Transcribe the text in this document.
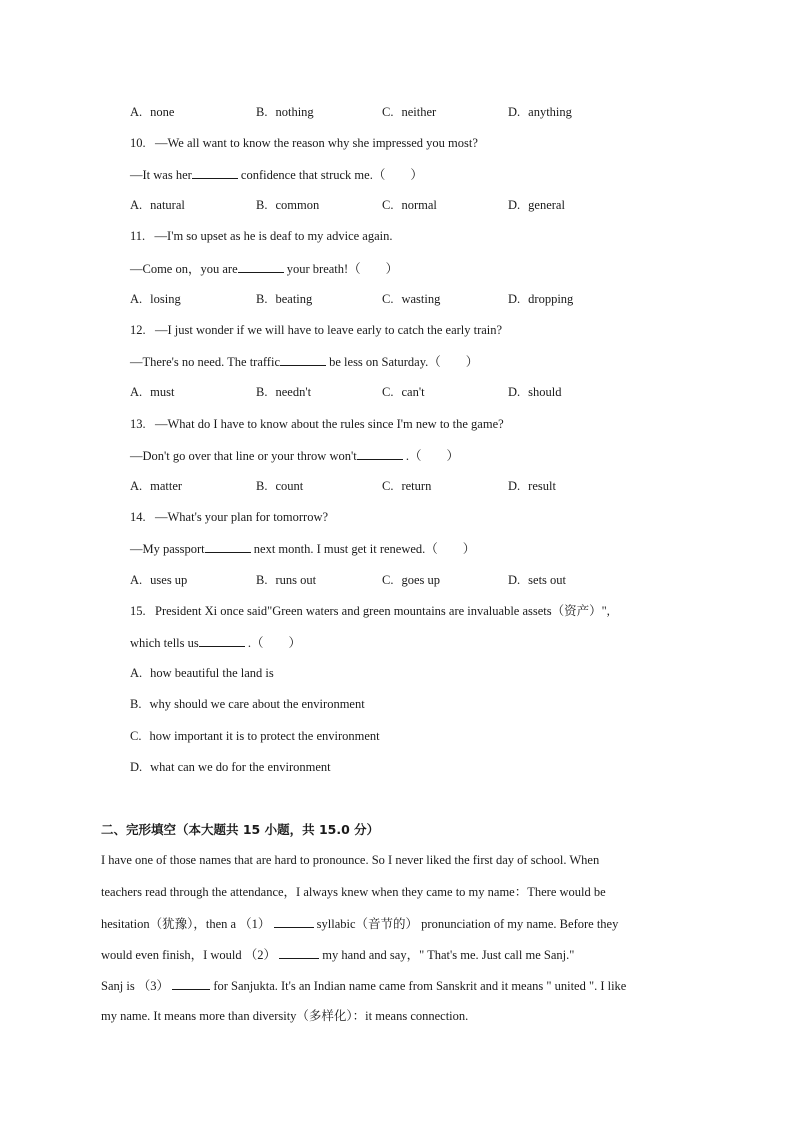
A. none	B. nothing	C. neither	D. anything
10. —We all want to know the reason why she impressed you most?
—It was her	confidence that struck me.（　　）
A. natural	B. common	C. normal	D. general
11. —I'm so upset as he is deaf to my advice again.
—Come on，you are	your breath!（　　）
A. losing	B. beating	C. wasting	D. dropping
12. —I just wonder if we will have to leave early to catch the early train?
—There's no need. The traffic	be less on Saturday.（　　）
A. must	B. needn't	C. can't	D. should
13. —What do I have to know about the rules since I'm new to the game?
—Don't go over that line or your throw won't	.（　　）
A. matter	B. count	C. return	D. result
14. —What's your plan for tomorrow?
—My passport	next month. I must get it renewed.（　　）
A. uses up	B. runs out	C. goes up	D. sets out
15. President Xi once said"Green waters and green mountains are invaluable assets（资产）",
which tells us	.（　　）
A. how beautiful the land is
B. why should we care about the environment
C. how important it is to protect the environment
D. what can we do for the environment
二、完形填空（本大题共 15 小题，共 15.0 分）
I have one of those names that are hard to pronounce. So I never liked the first day of school. When
teachers read through the attendance，I always knew when they came to my name：There would be
hesitation（犹豫），then a （1）	syllabic（音节的） pronunciation of my name. Before they
would even finish，I would （2）	my hand and say，" That's me. Just call me Sanj."
Sanj is （3）	for Sanjukta. It's an Indian name came from Sanskrit and it means " united ". I like
my name. It means more than diversity（多样化）：it means connection.
